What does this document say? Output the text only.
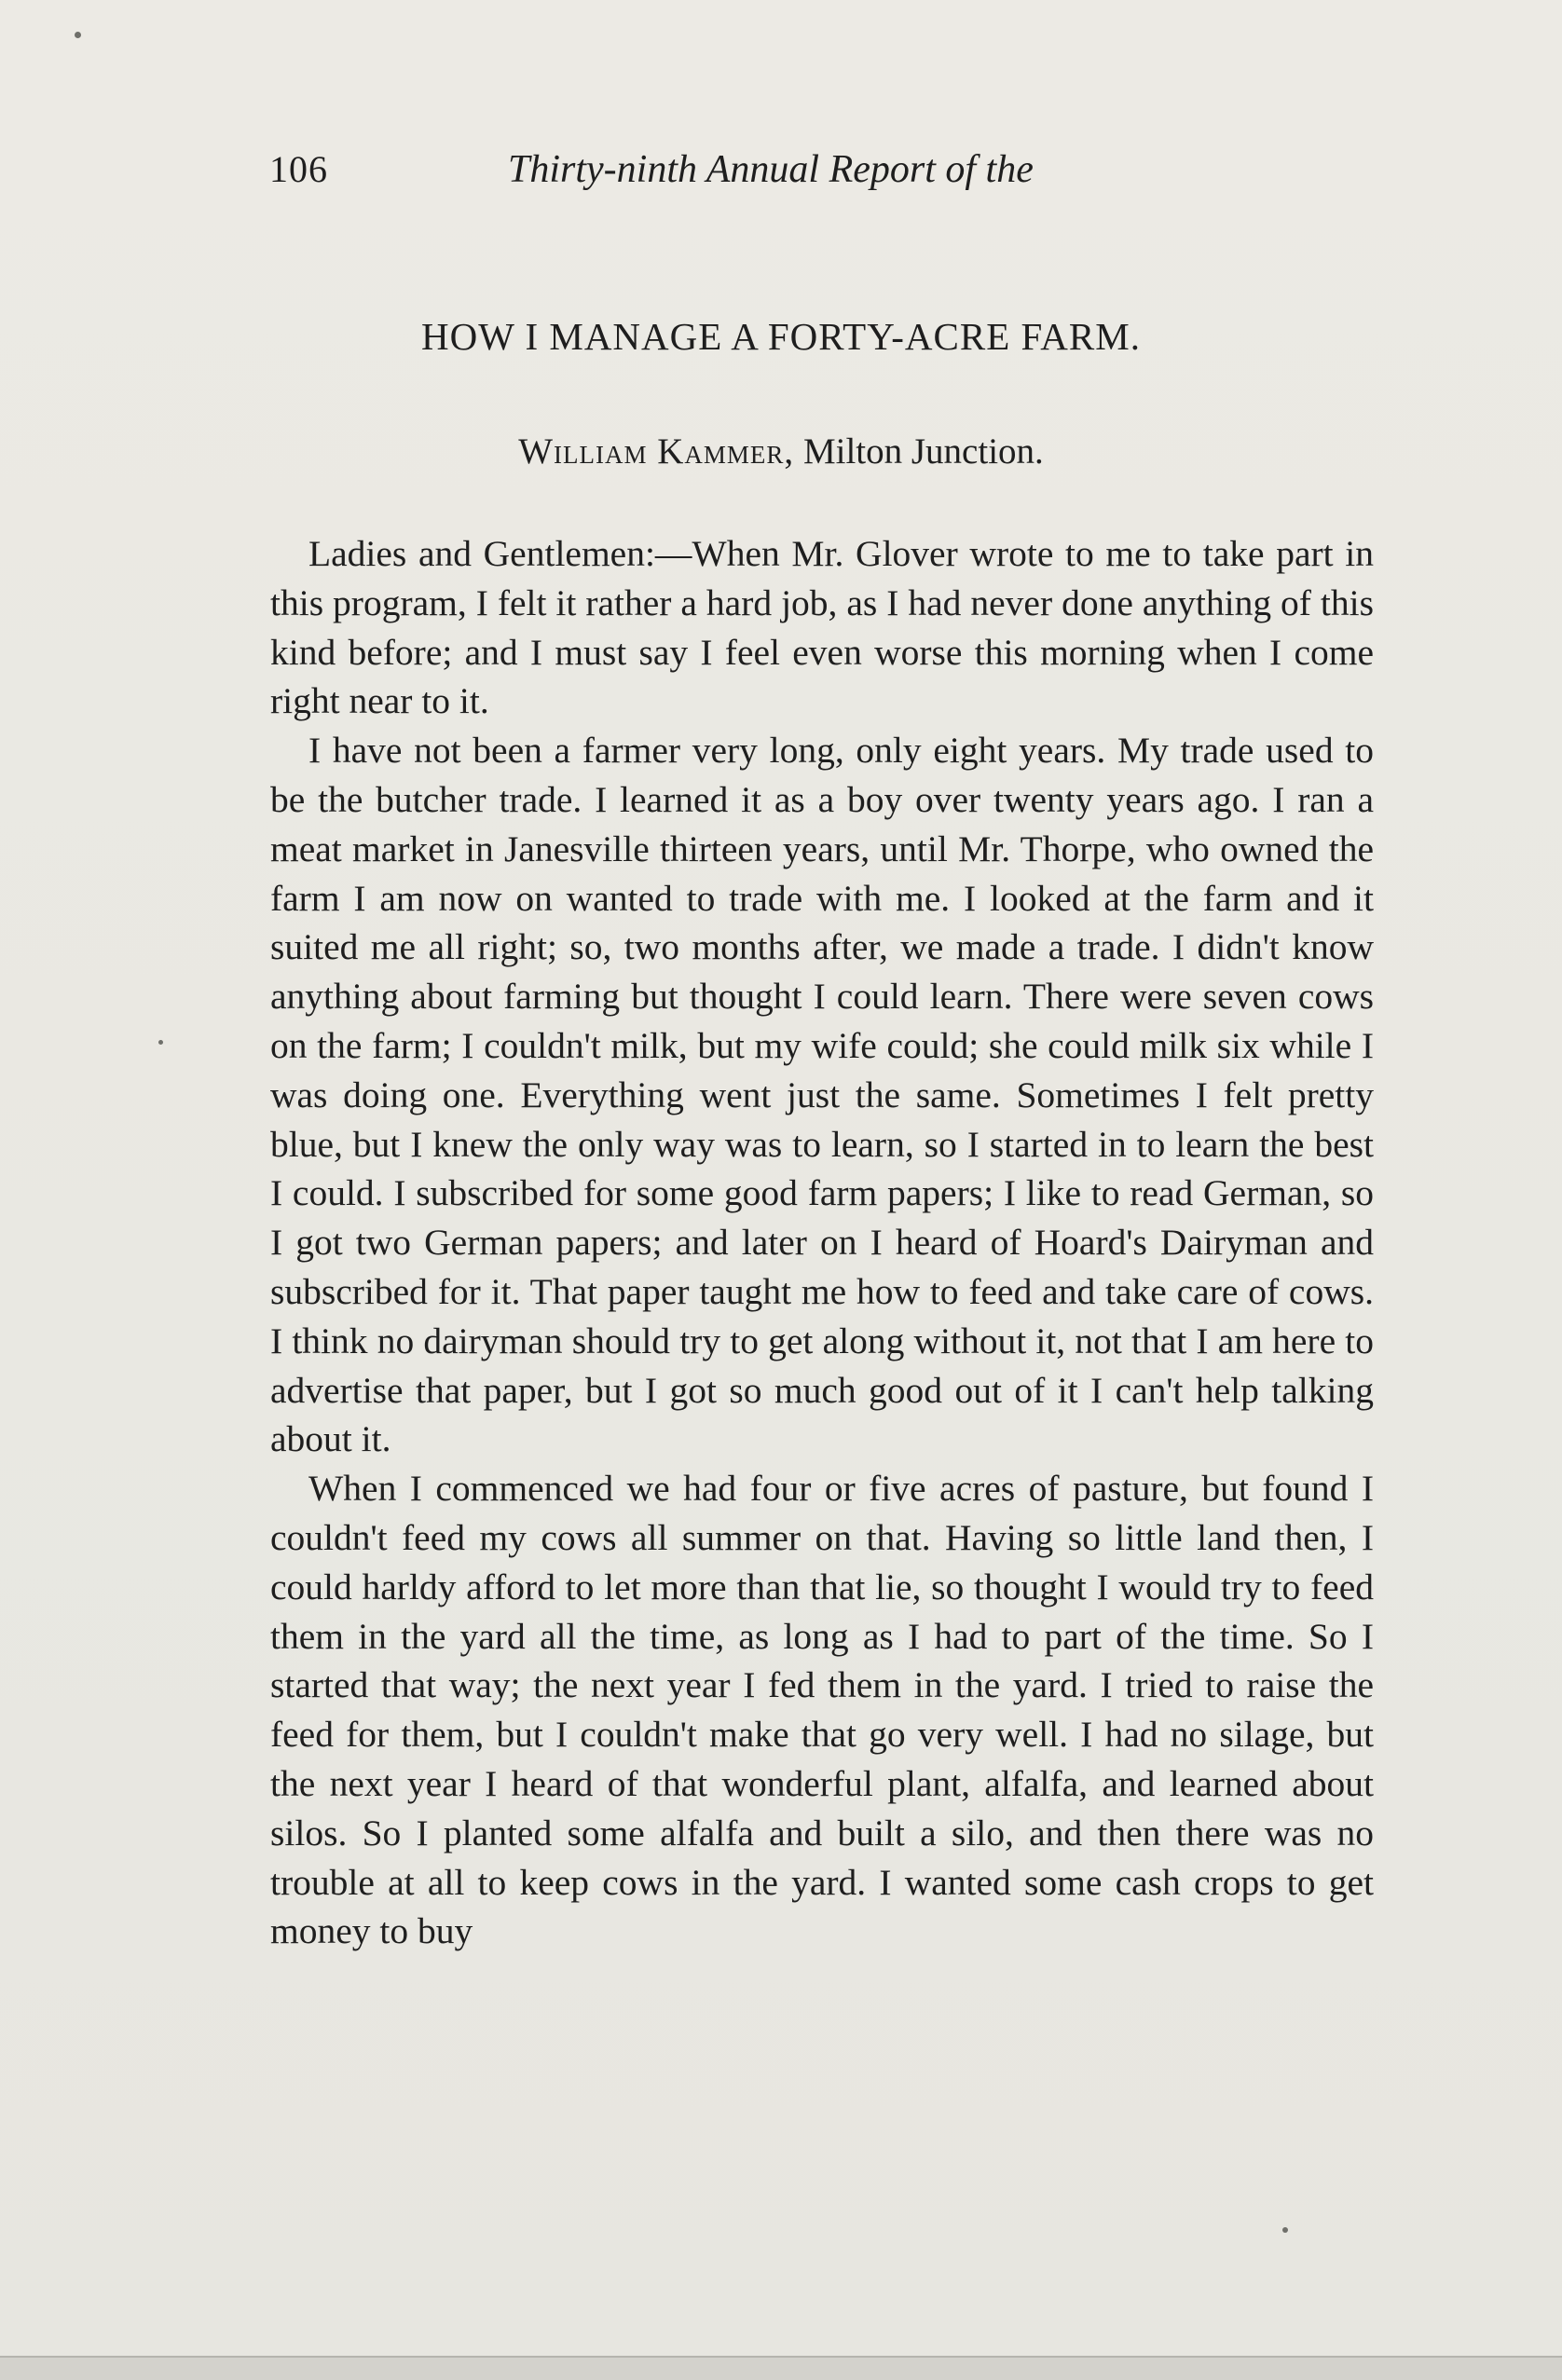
106	Thirty-ninth Annual Report of the
HOW I MANAGE A FORTY-ACRE FARM.
William Kammer, Milton Junction.

Ladies and Gentlemen:—When Mr. Glover wrote to me to take part in this program, I felt it rather a hard job, as I had never done anything of this kind before; and I must say I feel even worse this morning when I come right near to it.

I have not been a farmer very long, only eight years. My trade used to be the butcher trade. I learned it as a boy over twenty years ago. I ran a meat market in Janesville thirteen years, until Mr. Thorpe, who owned the farm I am now on wanted to trade with me. I looked at the farm and it suited me all right; so, two months after, we made a trade. I didn't know anything about farming but thought I could learn. There were seven cows on the farm; I couldn't milk, but my wife could; she could milk six while I was doing one. Everything went just the same. Sometimes I felt pretty blue, but I knew the only way was to learn, so I started in to learn the best I could. I subscribed for some good farm papers; I like to read German, so I got two German papers; and later on I heard of Hoard's Dairyman and subscribed for it. That paper taught me how to feed and take care of cows. I think no dairyman should try to get along without it, not that I am here to advertise that paper, but I got so much good out of it I can't help talking about it.

When I commenced we had four or five acres of pasture, but found I couldn't feed my cows all summer on that. Having so little land then, I could harldy afford to let more than that lie, so thought I would try to feed them in the yard all the time, as long as I had to part of the time. So I started that way; the next year I fed them in the yard. I tried to raise the feed for them, but I couldn't make that go very well. I had no silage, but the next year I heard of that wonderful plant, alfalfa, and learned about silos. So I planted some alfalfa and built a silo, and then there was no trouble at all to keep cows in the yard. I wanted some cash crops to get money to buy
